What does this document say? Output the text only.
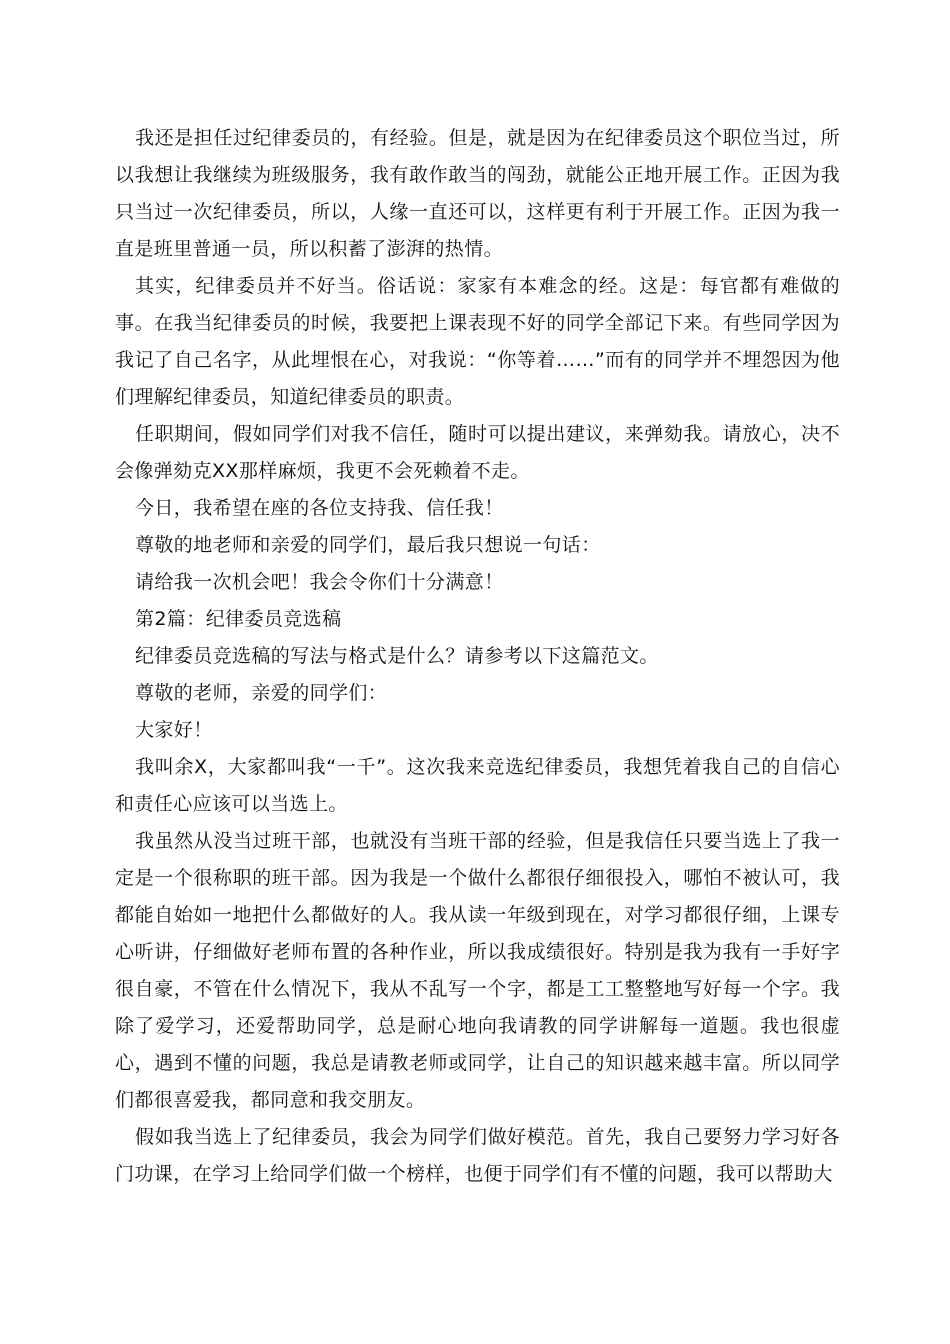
我还是担任过纪律委员的，有经验。但是，就是因为在纪律委员这个职位当过，所以我想让我继续为班级服务，我有敢作敢当的闯劲，就能公正地开展工作。正因为我只当过一次纪律委员，所以，人缘一直还可以，这样更有利于开展工作。正因为我一直是班里普通一员，所以积蓄了澎湃的热情。

其实，纪律委员并不好当。俗话说：家家有本难念的经。这是：每官都有难做的事。在我当纪律委员的时候，我要把上课表现不好的同学全部记下来。有些同学因为我记了自己名字，从此埋恨在心，对我说：“你等着……”而有的同学并不埋怨因为他们理解纪律委员，知道纪律委员的职责。

任职期间，假如同学们对我不信任，随时可以提出建议，来弹劾我。请放心，决不会像弹劾克XX那样麻烦，我更不会死赖着不走。

今日，我希望在座的各位支持我、信任我！

尊敬的地老师和亲爱的同学们，最后我只想说一句话：

请给我一次机会吧！我会令你们十分满意！

第2篇：纪律委员竞选稿

纪律委员竞选稿的写法与格式是什么？请参考以下这篇范文。

尊敬的老师，亲爱的同学们：

大家好！

我叫余X，大家都叫我“一千”。这次我来竞选纪律委员，我想凭着我自己的自信心和责任心应该可以当选上。

我虽然从没当过班干部，也就没有当班干部的经验，但是我信任只要当选上了我一定是一个很称职的班干部。因为我是一个做什么都很仔细很投入，哪怕不被认可，我都能自始如一地把什么都做好的人。我从读一年级到现在，对学习都很仔细，上课专心听讲，仔细做好老师布置的各种作业，所以我成绩很好。特别是我为我有一手好字很自豪，不管在什么情况下，我从不乱写一个字，都是工工整整地写好每一个字。我除了爱学习，还爱帮助同学，总是耐心地向我请教的同学讲解每一道题。我也很虚心，遇到不懂的问题，我总是请教老师或同学，让自己的知识越来越丰富。所以同学们都很喜爱我，都同意和我交朋友。

假如我当选上了纪律委员，我会为同学们做好模范。首先，我自己要努力学习好各门功课，在学习上给同学们做一个榜样，也便于同学们有不懂的问题，我可以帮助大
